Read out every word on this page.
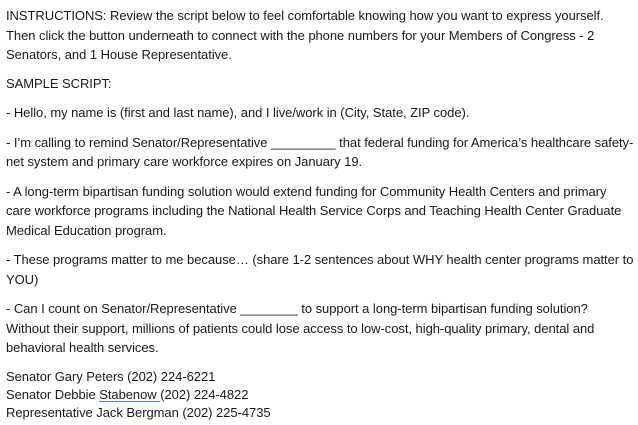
INSTRUCTIONS: Review the script below to feel comfortable knowing how you want to express yourself. Then click the button underneath to connect with the phone numbers for your Members of Congress - 2 Senators, and 1 House Representative.

SAMPLE SCRIPT:

- Hello, my name is (first and last name), and I live/work in (City, State, ZIP code).

- I’m calling to remind Senator/Representative _________ that federal funding for America’s healthcare safety-net system and primary care workforce expires on January 19.

- A long-term bipartisan funding solution would extend funding for Community Health Centers and primary care workforce programs including the National Health Service Corps and Teaching Health Center Graduate Medical Education program.

- These programs matter to me because… (share 1-2 sentences about WHY health center programs matter to YOU)

- Can I count on Senator/Representative ________ to support a long-term bipartisan funding solution? Without their support, millions of patients could lose access to low-cost, high-quality primary, dental and behavioral health services.

Senator Gary Peters (202) 224-6221

Senator Debbie Stabenow (202) 224-4822

Representative Jack Bergman (202) 225-4735
